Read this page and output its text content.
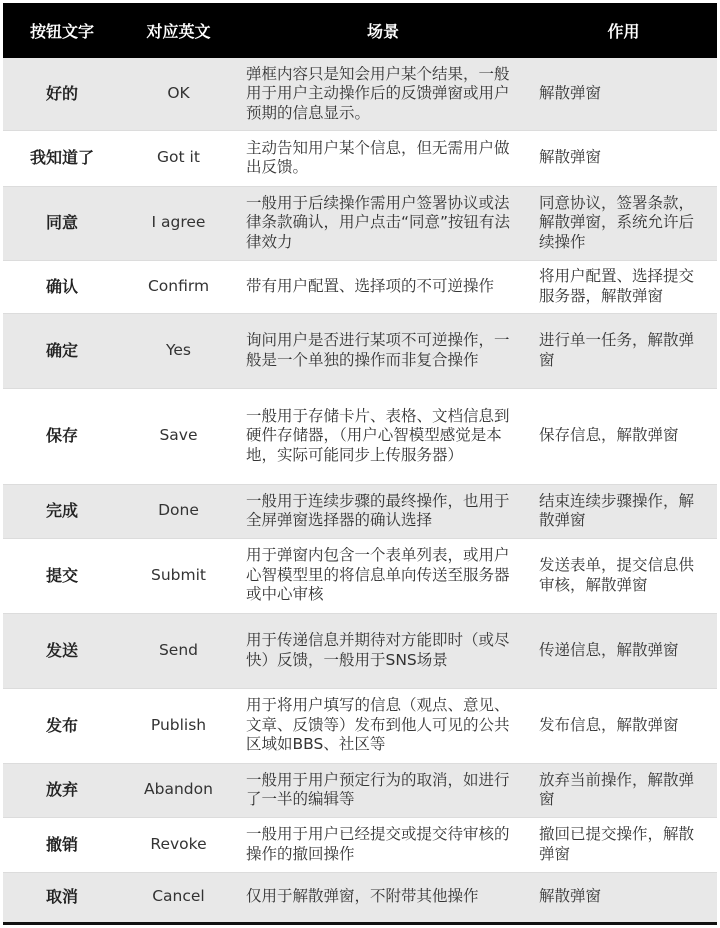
按钮文字	对应英文	场景	作用
好的	OK	弹框内容只是知会用户某个结果，一般用于用户主动操作后的反馈弹窗或用户预期的信息显示。	解散弹窗
我知道了	Got it	主动告知用户某个信息，但无需用户做出反馈。	解散弹窗
同意	I agree	一般用于后续操作需用户签署协议或法律条款确认，用户点击“同意”按钮有法律效力	同意协议，签署条款，解散弹窗，系统允许后续操作
确认	Confirm	带有用户配置、选择项的不可逆操作	将用户配置、选择提交服务器，解散弹窗
确定	Yes	询问用户是否进行某项不可逆操作，一般是一个单独的操作而非复合操作	进行单一任务，解散弹窗
保存	Save	一般用于存储卡片、表格、文档信息到硬件存储器，（用户心智模型感觉是本地，实际可能同步上传服务器）	保存信息，解散弹窗
完成	Done	一般用于连续步骤的最终操作，也用于全屏弹窗选择器的确认选择	结束连续步骤操作，解散弹窗
提交	Submit	用于弹窗内包含一个表单列表，或用户心智模型里的将信息单向传送至服务器或中心审核	发送表单，提交信息供审核，解散弹窗
发送	Send	用于传递信息并期待对方能即时（或尽快）反馈，一般用于SNS场景	传递信息，解散弹窗
发布	Publish	用于将用户填写的信息（观点、意见、文章、反馈等）发布到他人可见的公共区域如BBS、社区等	发布信息，解散弹窗
放弃	Abandon	一般用于用户预定行为的取消，如进行了一半的编辑等	放弃当前操作，解散弹窗
撤销	Revoke	一般用于用户已经提交或提交待审核的操作的撤回操作	撤回已提交操作，解散弹窗
取消	Cancel	仅用于解散弹窗，不附带其他操作	解散弹窗
